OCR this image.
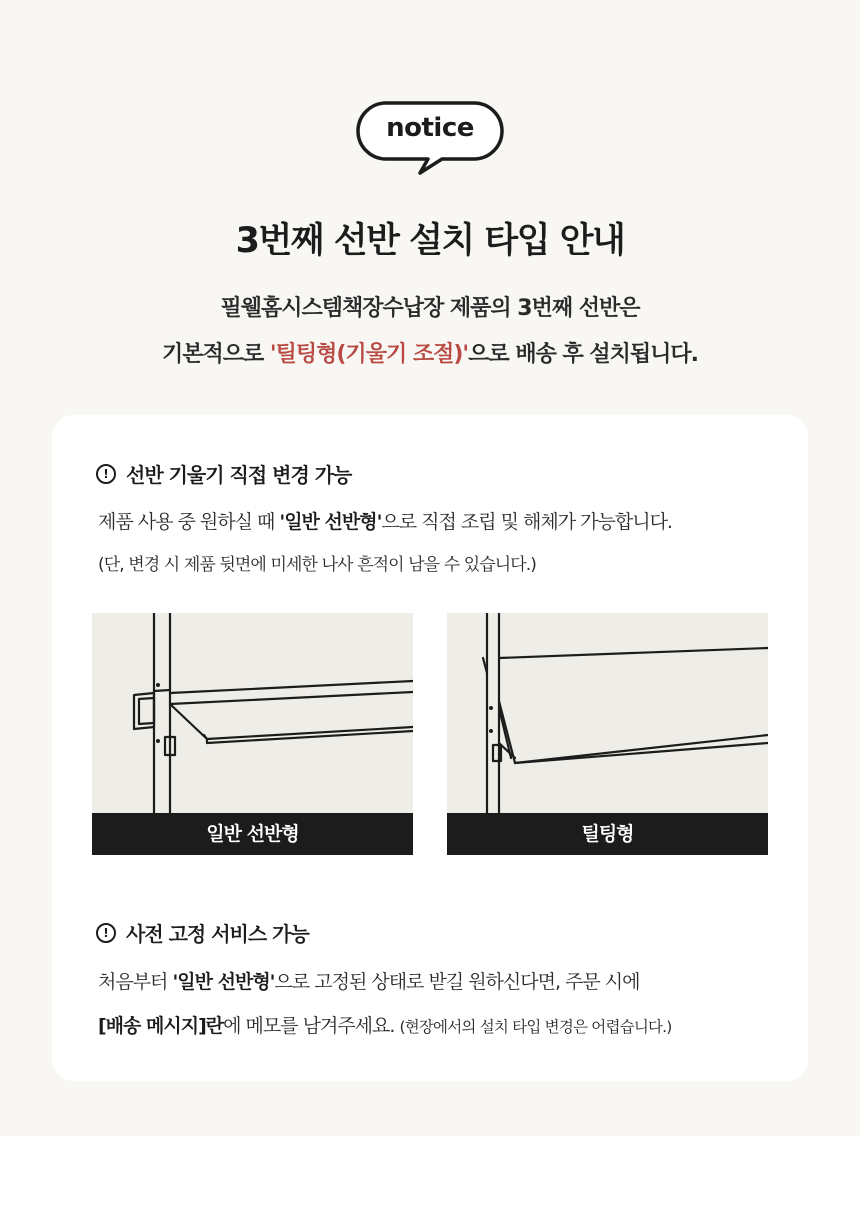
notice
3번째 선반 설치 타입 안내

필웰홈시스템책장수납장 제품의 3번째 선반은

기본적으로 '틸팅형(기울기 조절)'으로 배송 후 설치됩니다.

! 선반 기울기 직접 변경 가능

제품 사용 중 원하실 때 '일반 선반형'으로 직접 조립 및 해체가 가능합니다.

(단, 변경 시 제품 뒷면에 미세한 나사 흔적이 남을 수 있습니다.)

일반 선반형	틸팅형
! 사전 고정 서비스 가능

처음부터 '일반 선반형'으로 고정된 상태로 받길 원하신다면, 주문 시에

[배송 메시지]란에 메모를 남겨주세요. (현장에서의 설치 타입 변경은 어렵습니다.)
